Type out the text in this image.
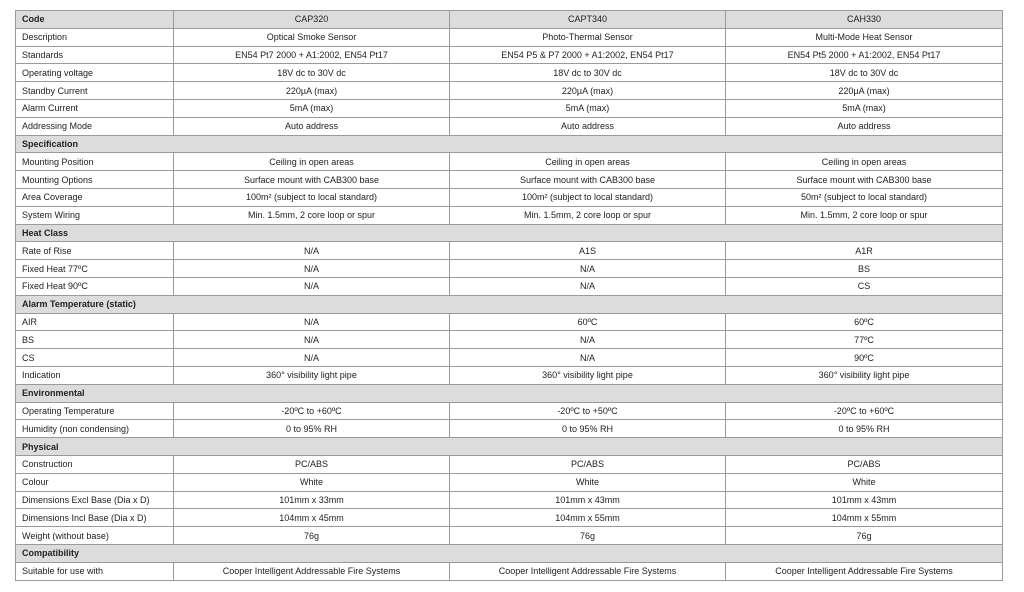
Code	CAP320	CAPT340	CAH330
Description	Optical Smoke Sensor	Photo-Thermal Sensor	Multi-Mode Heat Sensor
Standards	EN54 Pt7 2000 + A1:2002, EN54 Pt17	EN54 P5 & P7 2000 + A1:2002, EN54 Pt17	EN54 Pt5 2000 + A1:2002, EN54 Pt17
Operating voltage	18V dc to 30V dc	18V dc to 30V dc	18V dc to 30V dc
Standby Current	220µA (max)	220µA (max)	220µA (max)
Alarm Current	5mA (max)	5mA (max)	5mA (max)
Addressing Mode	Auto address	Auto address	Auto address
Specification			
Mounting Position	Ceiling in open areas	Ceiling in open areas	Ceiling in open areas
Mounting Options	Surface mount with CAB300 base	Surface mount with CAB300 base	Surface mount with CAB300 base
Area Coverage	100m² (subject to local standard)	100m² (subject to local standard)	50m² (subject to local standard)
System Wiring	Min. 1.5mm, 2 core loop or spur	Min. 1.5mm, 2 core loop or spur	Min. 1.5mm, 2 core loop or spur
Heat Class			
Rate of Rise	N/A	A1S	A1R
Fixed Heat 77ºC	N/A	N/A	BS
Fixed Heat 90ºC	N/A	N/A	CS
Alarm Temperature (static)			
AIR	N/A	60ºC	60ºC
BS	N/A	N/A	77ºC
CS	N/A	N/A	90ºC
Indication	360° visibility light pipe	360° visibility light pipe	360° visibility light pipe
Environmental			
Operating Temperature	-20ºC to +60ºC	-20ºC to +50ºC	-20ºC to +60ºC
Humidity (non condensing)	0 to 95% RH	0 to 95% RH	0 to 95% RH
Physical			
Construction	PC/ABS	PC/ABS	PC/ABS
Colour	White	White	White
Dimensions Excl Base (Dia x D)	101mm x 33mm	101mm x 43mm	101mm x 43mm
Dimensions Incl Base (Dia x D)	104mm x 45mm	104mm x 55mm	104mm x 55mm
Weight (without base)	76g	76g	76g
Compatibility			
Suitable for use with	Cooper Intelligent Addressable Fire Systems	Cooper Intelligent Addressable Fire Systems	Cooper Intelligent Addressable Fire Systems
